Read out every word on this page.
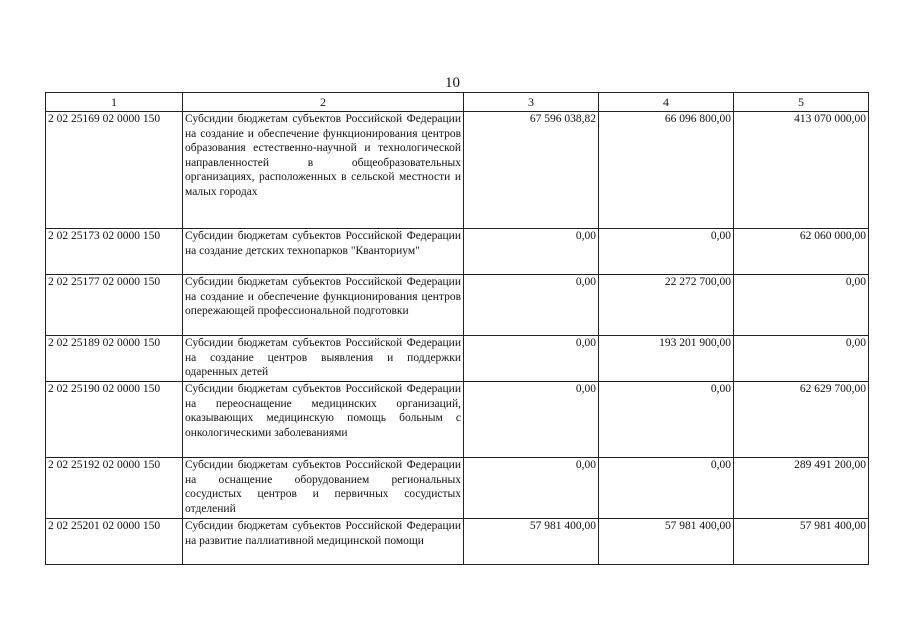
10
1	2	3	4	5
2 02 25169 02 0000 150	Субсидии бюджетам субъектов Российской Федерации на создание и обеспечение функционирования центров образования естественно-научной и технологической направленностей в общеобразовательных организациях, расположенных в сельской местности и малых городах	67 596 038,82	66 096 800,00	413 070 000,00
2 02 25173 02 0000 150	Субсидии бюджетам субъектов Российской Федерации на создание детских технопарков "Кванториум"	0,00	0,00	62 060 000,00
2 02 25177 02 0000 150	Субсидии бюджетам субъектов Российской Федерации на создание и обеспечение функционирования центров опережающей профессиональной подготовки	0,00	22 272 700,00	0,00
2 02 25189 02 0000 150	Субсидии бюджетам субъектов Российской Федерации на создание центров выявления и поддержки одаренных детей	0,00	193 201 900,00	0,00
2 02 25190 02 0000 150	Субсидии бюджетам субъектов Российской Федерации на переоснащение медицинских организаций, оказывающих медицинскую помощь больным с онкологическими заболеваниями	0,00	0,00	62 629 700,00
2 02 25192 02 0000 150	Субсидии бюджетам субъектов Российской Федерации на оснащение оборудованием региональных сосудистых центров и первичных сосудистых отделений	0,00	0,00	289 491 200,00
2 02 25201 02 0000 150	Субсидии бюджетам субъектов Российской Федерации на развитие паллиативной медицинской помощи	57 981 400,00	57 981 400,00	57 981 400,00
